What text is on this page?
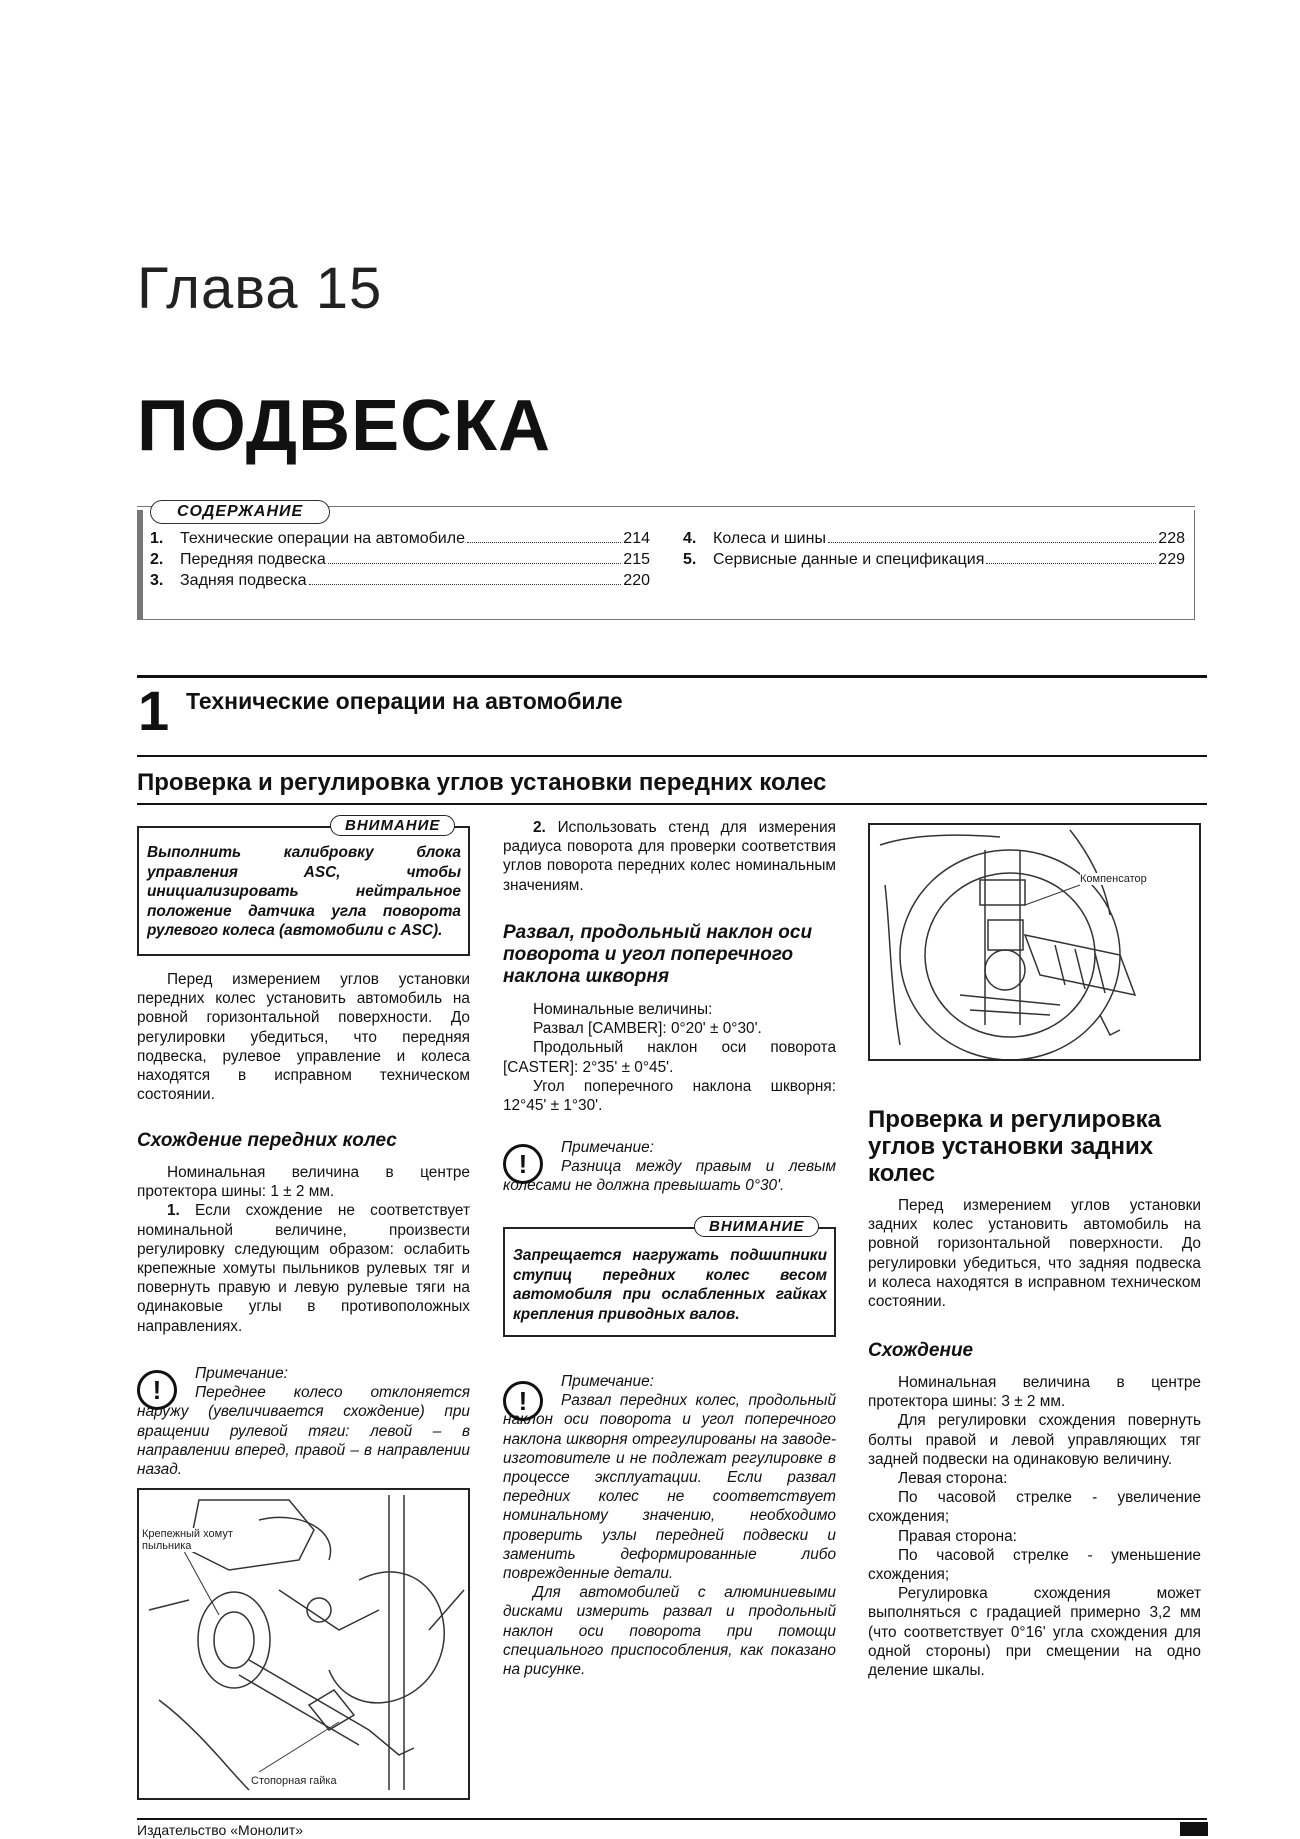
Глава 15
ПОДВЕСКА
СОДЕРЖАНИЕ
1.	Технические операции на автомобиле	214
2.	Передняя подвеска	215
3.	Задняя подвеска	220
4.	Колеса и шины	228
5.	Сервисные данные и спецификация	229
1 Технические операции на автомобиле
Проверка и регулировка углов установки передних колес
ВНИМАНИЕ
Выполнить калибровку блока управления ASC, чтобы инициализировать нейтральное положение датчика угла поворота рулевого колеса (автомобили с ASC).

Перед измерением углов установки передних колес установить автомобиль на ровной горизонтальной поверхности. До регулировки убедиться, что передняя подвеска, рулевое управление и колеса находятся в исправном техническом состоянии.

Схождение передних колес

Номинальная величина в центре протектора шины: 1 ± 2 мм.

1. Если схождение не соответствует номинальной величине, произвести регулировку следующим образом: ослабить крепежные хомуты пыльников рулевых тяг и повернуть правую и левую рулевые тяги на одинаковые углы в противоположных направлениях.

!
Примечание:
Переднее колесо отклоняется наружу (увеличивается схождение) при вращении рулевой тяги: левой – в направлении вперед, правой – в направлении назад.
Крепежный хомут пыльника
Стопорная гайка

2. Использовать стенд для измерения радиуса поворота для проверки соответствия углов поворота передних колес номинальным значениям.

Развал, продольный наклон оси поворота и угол поперечного наклона шкворня

Номинальные величины:

Развал [CAMBER]: 0°20' ± 0°30'.

Продольный наклон оси поворота [CASTER]: 2°35' ± 0°45'.

Угол поперечного наклона шкворня: 12°45' ± 1°30'.

!
Примечание:
Разница между правым и левым колесами не должна превышать 0°30'.
ВНИМАНИЕ
Запрещается нагружать подшипники ступиц передних колес весом автомобиля при ослабленных гайках крепления приводных валов.
!
Примечание:
Развал передних колес, продольный наклон оси поворота и угол поперечного наклона шкворня отрегулированы на заводе-изготовителе и не подлежат регулировке в процессе эксплуатации. Если развал передних колес не соответствует номинальному значению, необходимо проверить узлы передней подвески и заменить деформированные либо поврежденные детали.
Для автомобилей с алюминиевыми дисками измерить развал и продольный наклон оси поворота при помощи специального приспособления, как показано на рисунке.
Компенсатор
Проверка и регулировка углов установки задних колес

Перед измерением углов установки задних колес установить автомобиль на ровной горизонтальной поверхности. До регулировки убедиться, что задняя подвеска и колеса находятся в исправном техническом состоянии.

Схождение

Номинальная величина в центре протектора шины: 3 ± 2 мм.

Для регулировки схождения повернуть болты правой и левой управляющих тяг задней подвески на одинаковую величину.

Левая сторона:

По часовой стрелке - увеличение схождения;

Правая сторона:

По часовой стрелке - уменьшение схождения;

Регулировка схождения может выполняться с градацией примерно 3,2 мм (что соответствует 0°16' угла схождения для одной стороны) при смещении на одно деление шкалы.

Издательство «Монолит»
